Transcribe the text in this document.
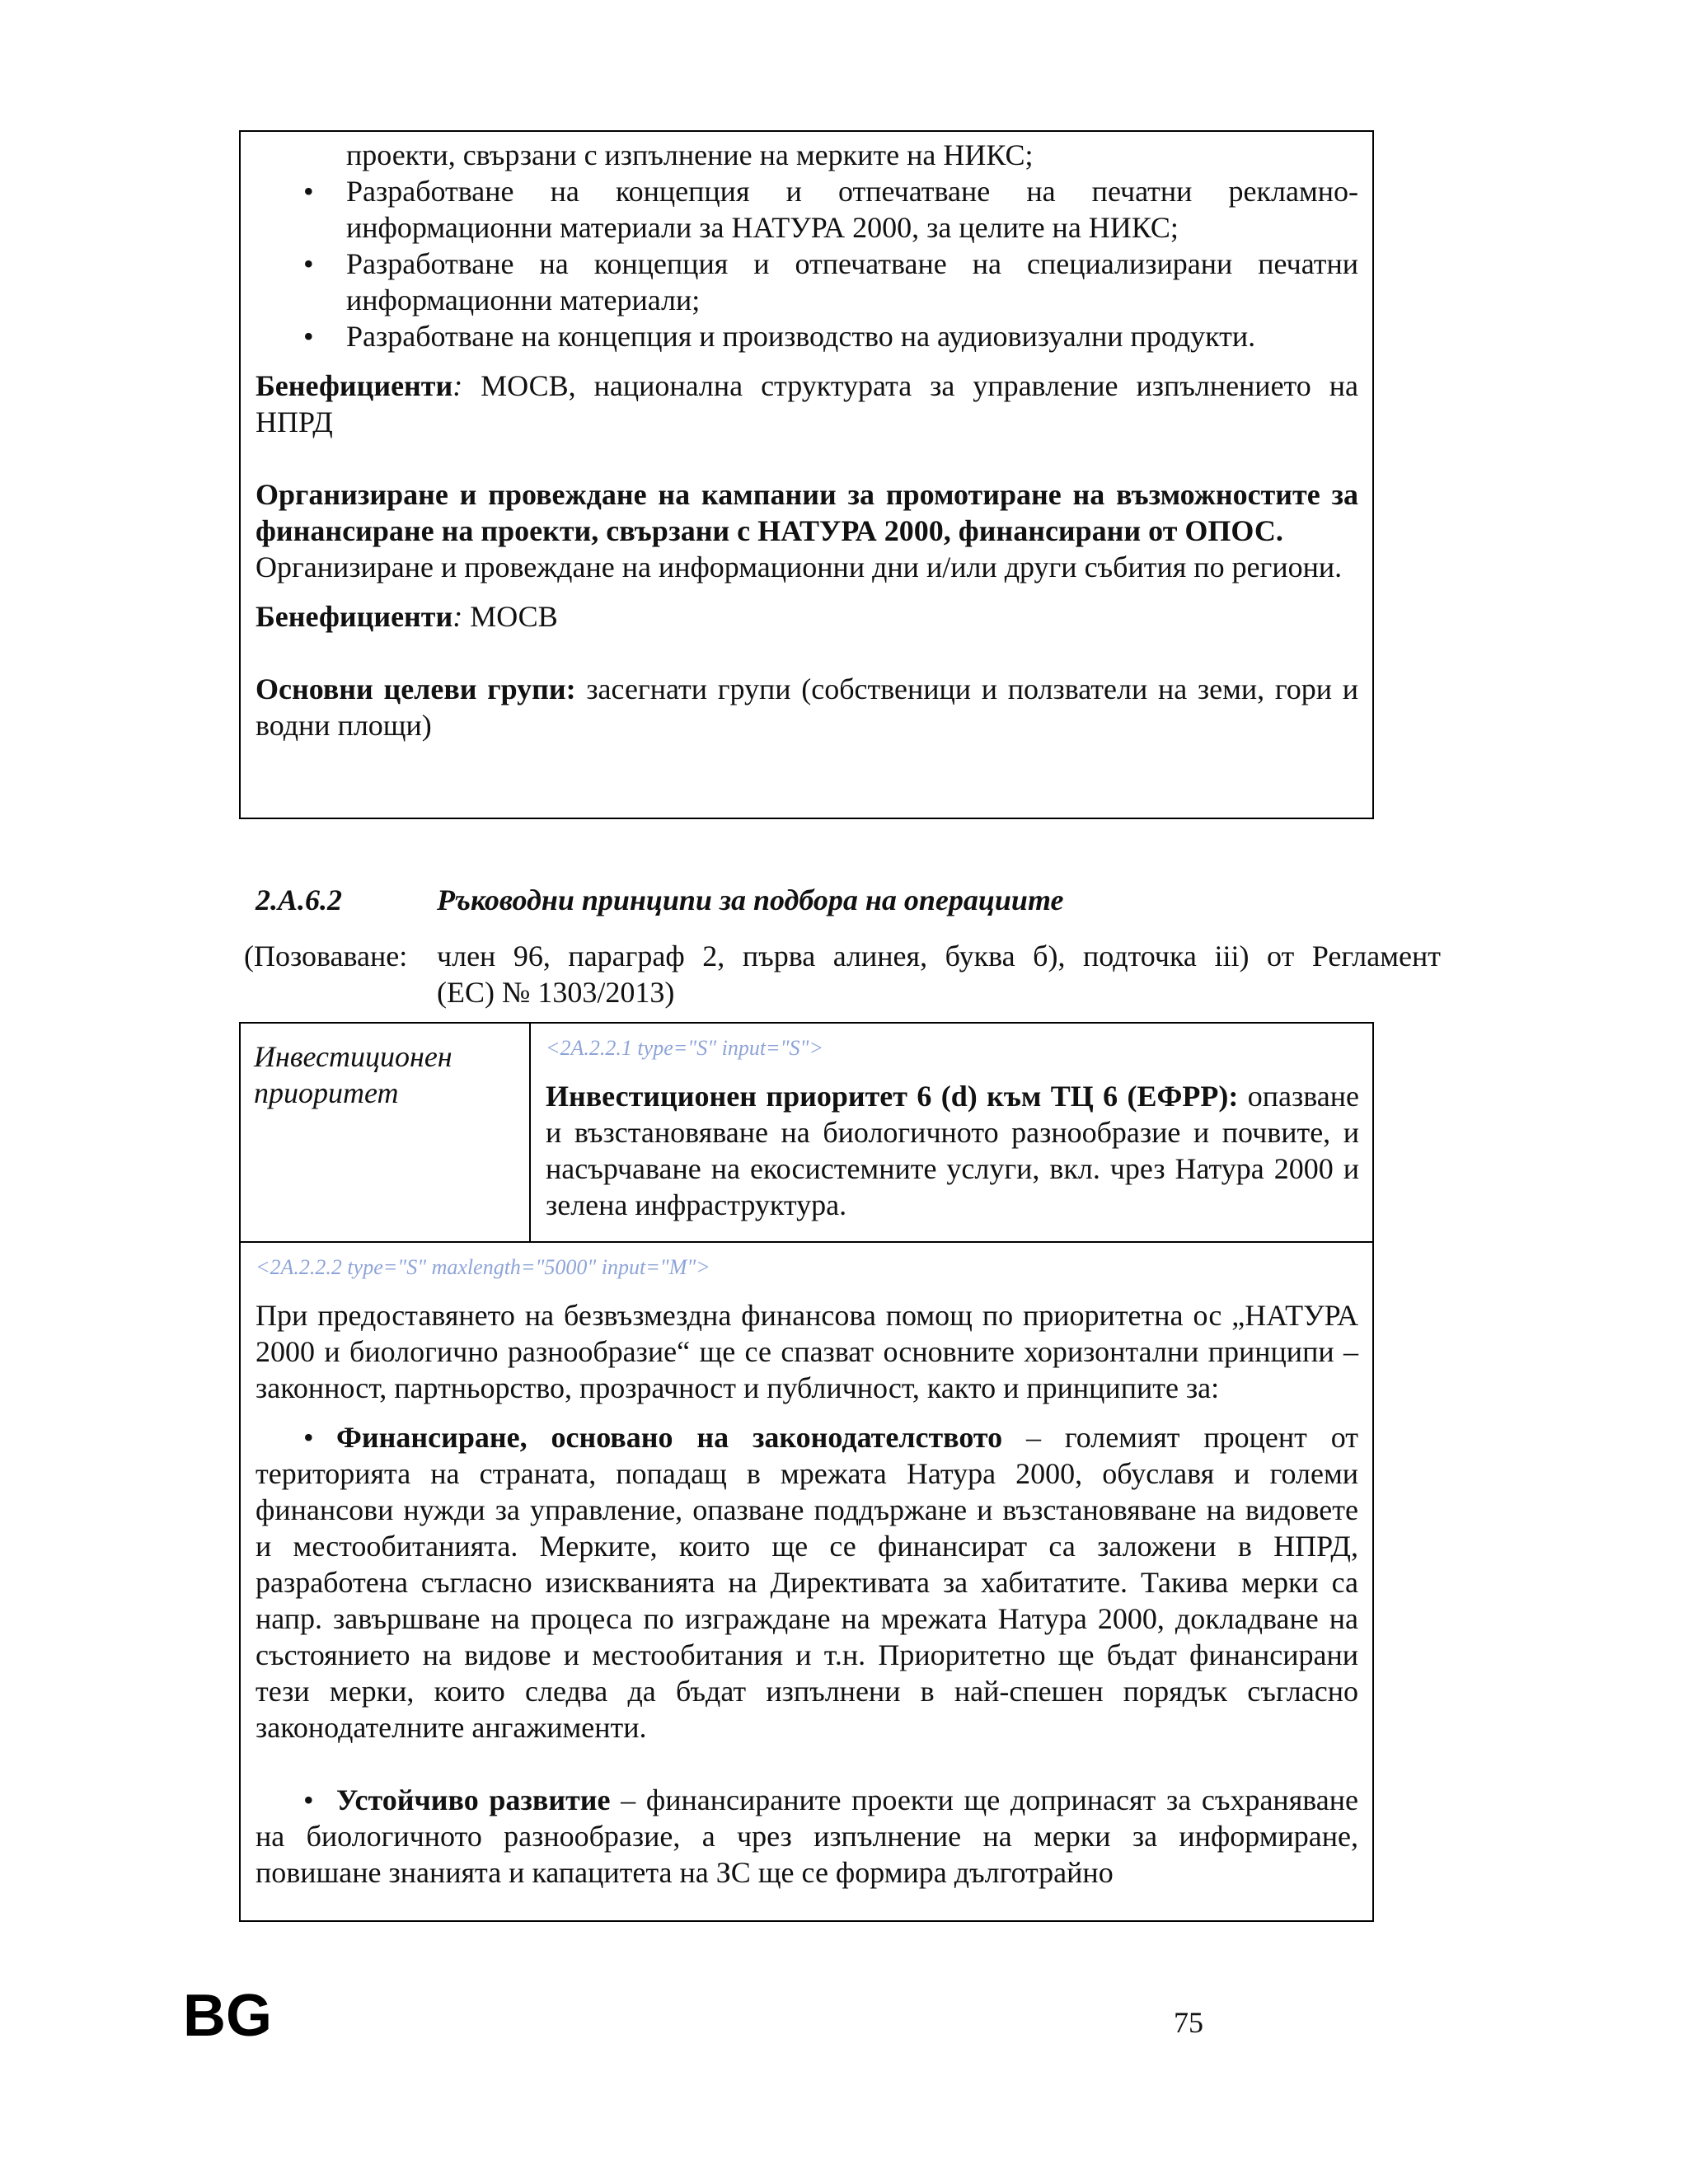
проекти, свързани с изпълнение на мерките на НИКС;
• Разработване на концепция и отпечатване на печатни рекламно-информационни материали за НАТУРА 2000, за целите на НИКС;
• Разработване на концепция и отпечатване на специализирани печатни информационни материали;
• Разработване на концепция и производство на аудиовизуални продукти.

Бенефициенти: МОСВ, национална структурата за управление изпълнението на НПРД

Организиране и провеждане на кампании за промотиране на възможностите за финансиране на проекти, свързани с НАТУРА 2000, финансирани от ОПОС.

Организиране и провеждане на информационни дни и/или други събития по региони.

Бенефициенти: МОСВ

Основни целеви групи: засегнати групи (собственици и ползватели на земи, гори и водни площи)

2.A.6.2	Ръководни принципи за подбора на операциите
(Позоваване: член 96, параграф 2, първа алинея, буква б), подточка iii) от Регламент
(ЕС) № 1303/2013)
Инвестиционен приоритет
<2A.2.2.1 type="S" input="S">

Инвестиционен приоритет 6 (d) към ТЦ 6 (ЕФРР): опазване и възстановяване на биологичното разнообразие и почвите, и насърчаване на екосистемните услуги, вкл. чрез Натура 2000 и зелена инфраструктура.

<2A.2.2.2 type="S" maxlength="5000" input="M">

При предоставянето на безвъзмездна финансова помощ по приоритетна ос „НАТУРА 2000 и биологично разнообразие“ ще се спазват основните хоризонтални принципи – законност, партньорство, прозрачност и публичност, както и принципите за:

• Финансиране, основано на законодателството – големият процент от територията на страната, попадащ в мрежата Натура 2000, обуславя и големи финансови нужди за управление, опазване поддържане и възстановяване на видовете и местообитанията. Мерките, които ще се финансират са заложени в НПРД, разработена съгласно изискванията на Директивата за хабитатите. Такива мерки са напр. завършване на процеса по изграждане на мрежата Натура 2000, докладване на състоянието на видове и местообитания и т.н. Приоритетно ще бъдат финансирани тези мерки, които следва да бъдат изпълнени в най-спешен порядък съгласно законодателните ангажименти.

• Устойчиво развитие – финансираните проекти ще допринасят за съхраняване на биологичното разнообразие, а чрез изпълнение на мерки за информиране, повишане знанията и капацитета на ЗС ще се формира дълготрайно

BG	75
